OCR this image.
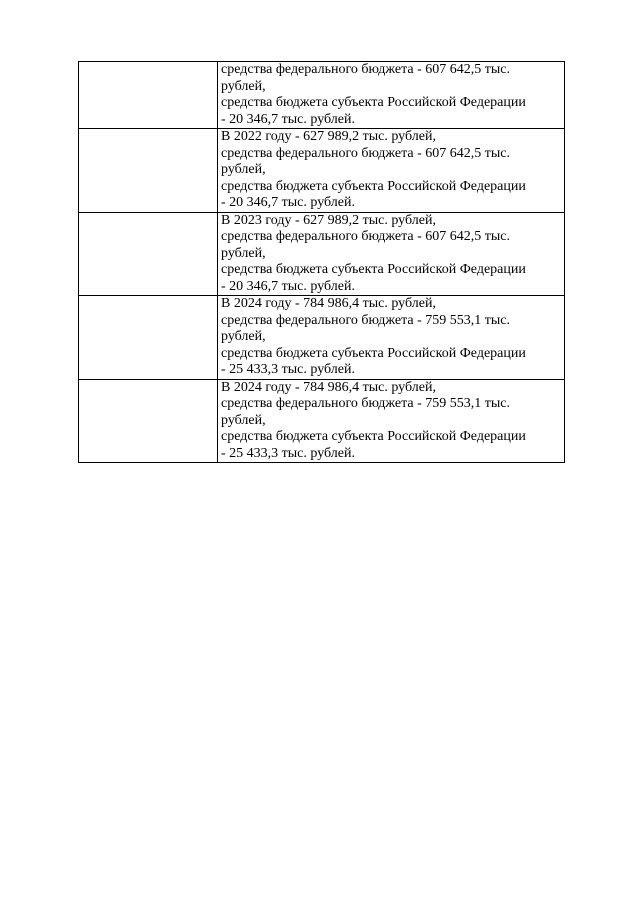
	средства федерального бюджета - 607 642,5 тыс.
рублей,
средства бюджета субъекта Российской Федерации
- 20 346,7 тыс. рублей.

	В 2022 году - 627 989,2 тыс. рублей,
средства федерального бюджета - 607 642,5 тыс.
рублей,
средства бюджета субъекта Российской Федерации
- 20 346,7 тыс. рублей.

	В 2023 году - 627 989,2 тыс. рублей,
средства федерального бюджета - 607 642,5 тыс.
рублей,
средства бюджета субъекта Российской Федерации
- 20 346,7 тыс. рублей.

	В 2024 году - 784 986,4 тыс. рублей,
средства федерального бюджета - 759 553,1 тыс.
рублей,
средства бюджета субъекта Российской Федерации
- 25 433,3 тыс. рублей.

	В 2024 году - 784 986,4 тыс. рублей,
средства федерального бюджета - 759 553,1 тыс.
рублей,
средства бюджета субъекта Российской Федерации
- 25 433,3 тыс. рублей.
